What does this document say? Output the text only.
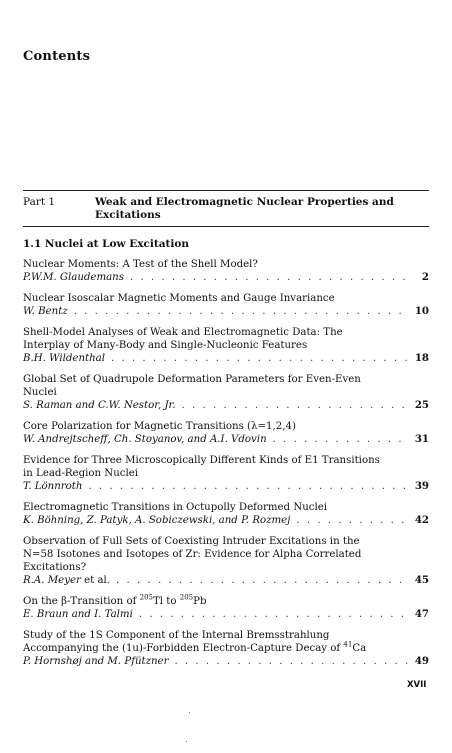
Contents
Part 1	Weak and Electromagnetic Nuclear Properties and
Excitations
1.1 Nuclei at Low Excitation
Nuclear Moments: A Test of the Shell Model?
P.W.M. Glaudemans . . .	2
Nuclear Isoscalar Magnetic Moments and Gauge Invariance
W. Bentz . . .	10
Shell-Model Analyses of Weak and Electromagnetic Data: The
Interplay of Many-Body and Single-Nucleonic Features
B.H. Wildenthal . . .	18
Global Set of Quadrupole Deformation Parameters for Even-Even
Nuclei
S. Raman and C.W. Nestor, Jr. . . .	25
Core Polarization for Magnetic Transitions (λ=1,2,4)
W. Andrejtscheff, Ch. Stoyanov, and A.I. Vdovin . . .	31
Evidence for Three Microscopically Different Kinds of E1 Transitions
in Lead-Region Nuclei
T. Lönnroth . . .	39
Electromagnetic Transitions in Octupolly Deformed Nuclei
K. Böhning, Z. Patyk, A. Sobiczewski, and P. Rozmej . . .	42
Observation of Full Sets of Coexisting Intruder Excitations in the
N=58 Isotones and Isotopes of Zr: Evidence for Alpha Correlated
Excitations?
R.A. Meyer et al. . . .	45
On the β-Transition of $^{205}$Tl to $^{205}$Pb
E. Braun and I. Talmi . . .	47
Study of the 1S Component of the Internal Bremsstrahlung
Accompanying the (1u)-Forbidden Electron-Capture Decay of $^{41}$Ca
P. Hornshøj and M. Pfützner . . .	49
XVII
